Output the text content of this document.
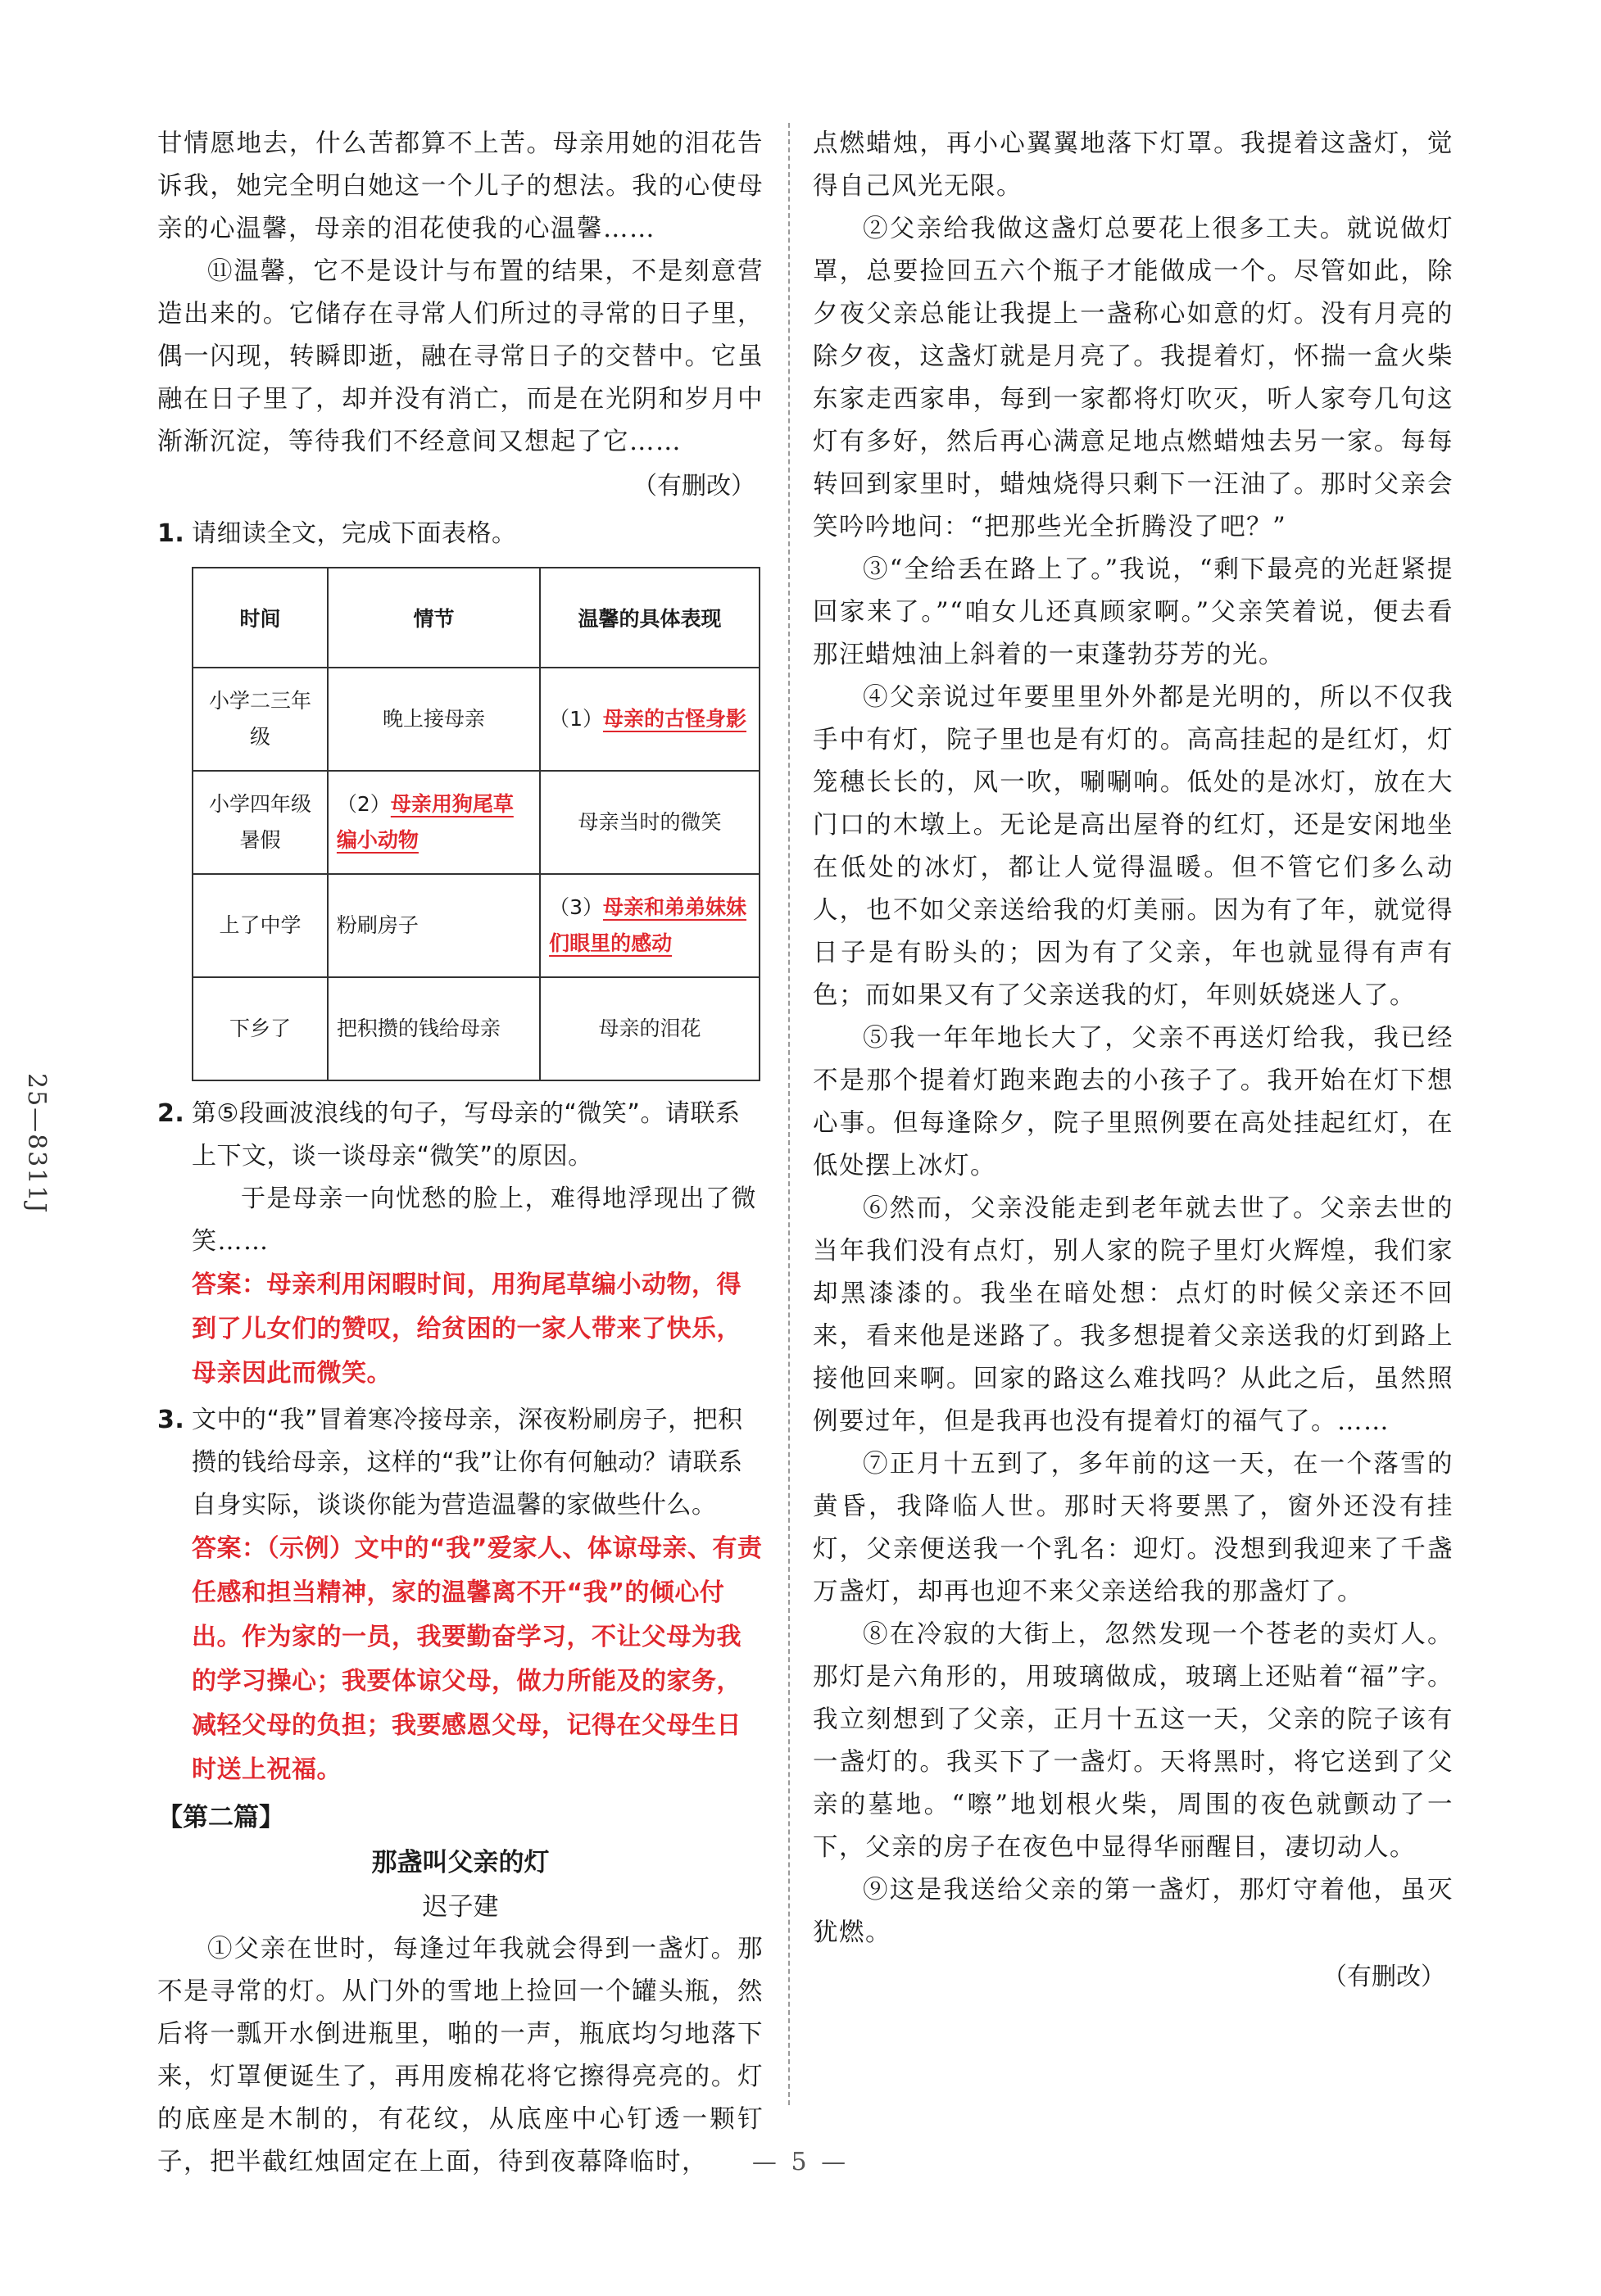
25—8311J

甘情愿地去，什么苦都算不上苦。母亲用她的泪花告诉我，她完全明白她这一个儿子的想法。我的心使母亲的心温馨，母亲的泪花使我的心温馨……

⑪温馨，它不是设计与布置的结果，不是刻意营造出来的。它储存在寻常人们所过的寻常的日子里，偶一闪现，转瞬即逝，融在寻常日子的交替中。它虽融在日子里了，却并没有消亡，而是在光阴和岁月中渐渐沉淀，等待我们不经意间又想起了它……

（有删改）

1. 请细读全文，完成下面表格。

时间	情节	温馨的具体表现
小学二三年级	晚上接母亲	（1）母亲的古怪身影
小学四年级暑假	（2）母亲用狗尾草编小动物	母亲当时的微笑
上了中学	粉刷房子	（3）母亲和弟弟妹妹们眼里的感动
下乡了	把积攒的钱给母亲	母亲的泪花

2. 第⑤段画波浪线的句子，写母亲的“微笑”。请联系上下文，谈一谈母亲“微笑”的原因。

于是母亲一向忧愁的脸上，难得地浮现出了微笑……

答案：母亲利用闲暇时间，用狗尾草编小动物，得到了儿女们的赞叹，给贫困的一家人带来了快乐，母亲因此而微笑。

3. 文中的“我”冒着寒冷接母亲，深夜粉刷房子，把积攒的钱给母亲，这样的“我”让你有何触动？请联系自身实际，谈谈你能为营造温馨的家做些什么。

答案：（示例）文中的“我”爱家人、体谅母亲、有责任感和担当精神，家的温馨离不开“我”的倾心付出。作为家的一员，我要勤奋学习，不让父母为我的学习操心；我要体谅父母，做力所能及的家务，减轻父母的负担；我要感恩父母，记得在父母生日时送上祝福。

【第二篇】

那盏叫父亲的灯

迟子建

①父亲在世时，每逢过年我就会得到一盏灯。那不是寻常的灯。从门外的雪地上捡回一个罐头瓶，然后将一瓢开水倒进瓶里，啪的一声，瓶底均匀地落下来，灯罩便诞生了，再用废棉花将它擦得亮亮的。灯的底座是木制的，有花纹，从底座中心钉透一颗钉子，把半截红烛固定在上面，待到夜幕降临时，

点燃蜡烛，再小心翼翼地落下灯罩。我提着这盏灯，觉得自己风光无限。

②父亲给我做这盏灯总要花上很多工夫。就说做灯罩，总要捡回五六个瓶子才能做成一个。尽管如此，除夕夜父亲总能让我提上一盏称心如意的灯。没有月亮的除夕夜，这盏灯就是月亮了。我提着灯，怀揣一盒火柴东家走西家串，每到一家都将灯吹灭，听人家夸几句这灯有多好，然后再心满意足地点燃蜡烛去另一家。每每转回到家里时，蜡烛烧得只剩下一汪油了。那时父亲会笑吟吟地问：“把那些光全折腾没了吧？”

③“全给丢在路上了。”我说，“剩下最亮的光赶紧提回家来了。”“咱女儿还真顾家啊。”父亲笑着说，便去看那汪蜡烛油上斜着的一束蓬勃芬芳的光。

④父亲说过年要里里外外都是光明的，所以不仅我手中有灯，院子里也是有灯的。高高挂起的是红灯，灯笼穗长长的，风一吹，唰唰响。低处的是冰灯，放在大门口的木墩上。无论是高出屋脊的红灯，还是安闲地坐在低处的冰灯，都让人觉得温暖。但不管它们多么动人，也不如父亲送给我的灯美丽。因为有了年，就觉得日子是有盼头的；因为有了父亲，年也就显得有声有色；而如果又有了父亲送我的灯，年则妖娆迷人了。

⑤我一年年地长大了，父亲不再送灯给我，我已经不是那个提着灯跑来跑去的小孩子了。我开始在灯下想心事。但每逢除夕，院子里照例要在高处挂起红灯，在低处摆上冰灯。

⑥然而，父亲没能走到老年就去世了。父亲去世的当年我们没有点灯，别人家的院子里灯火辉煌，我们家却黑漆漆的。我坐在暗处想：点灯的时候父亲还不回来，看来他是迷路了。我多想提着父亲送我的灯到路上接他回来啊。回家的路这么难找吗？从此之后，虽然照例要过年，但是我再也没有提着灯的福气了。……

⑦正月十五到了，多年前的这一天，在一个落雪的黄昏，我降临人世。那时天将要黑了，窗外还没有挂灯，父亲便送我一个乳名：迎灯。没想到我迎来了千盏万盏灯，却再也迎不来父亲送给我的那盏灯了。

⑧在冷寂的大街上，忽然发现一个苍老的卖灯人。那灯是六角形的，用玻璃做成，玻璃上还贴着“福”字。我立刻想到了父亲，正月十五这一天，父亲的院子该有一盏灯的。我买下了一盏灯。天将黑时，将它送到了父亲的墓地。“嚓”地划根火柴，周围的夜色就颤动了一下，父亲的房子在夜色中显得华丽醒目，凄切动人。

⑨这是我送给父亲的第一盏灯，那灯守着他，虽灭犹燃。

（有删改）

— 5 —
